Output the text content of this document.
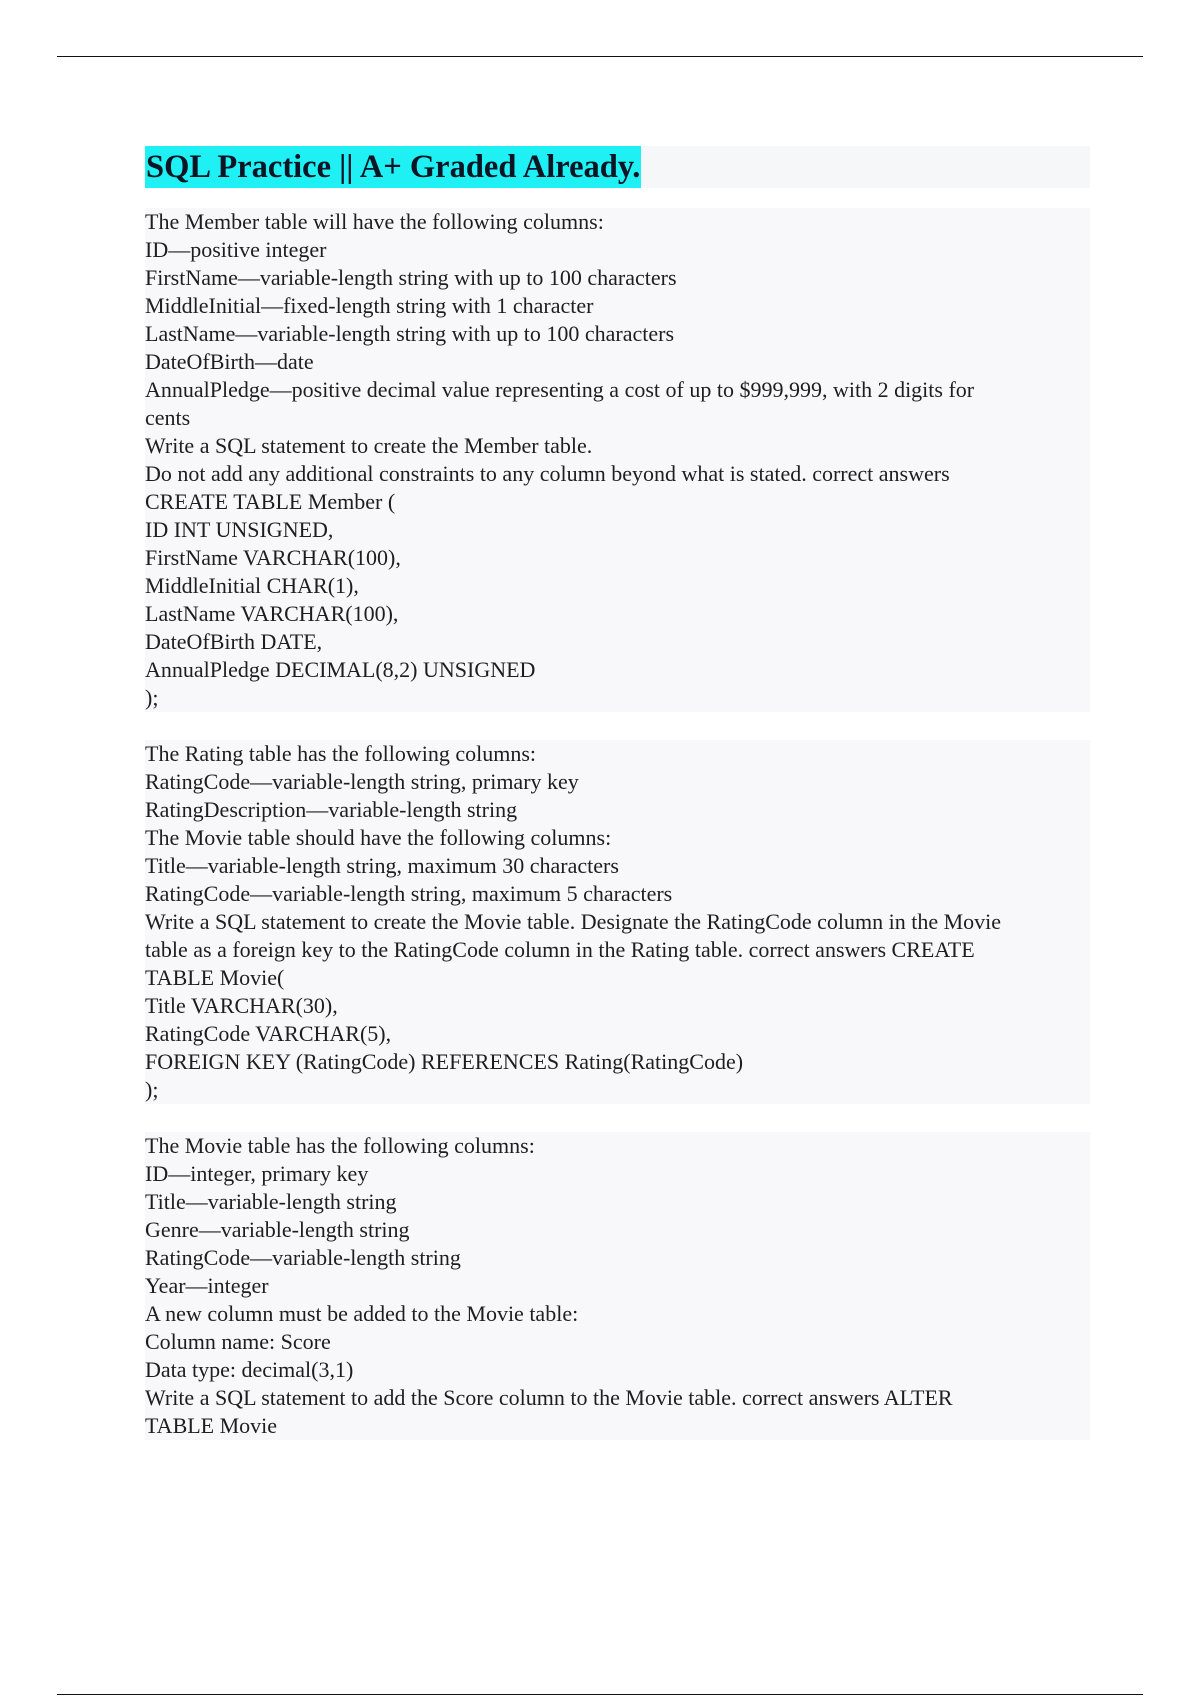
SQL Practice || A+ Graded Already.
The Member table will have the following columns:
ID—positive integer
FirstName—variable-length string with up to 100 characters
MiddleInitial—fixed-length string with 1 character
LastName—variable-length string with up to 100 characters
DateOfBirth—date
AnnualPledge—positive decimal value representing a cost of up to $999,999, with 2 digits for
cents
Write a SQL statement to create the Member table.
Do not add any additional constraints to any column beyond what is stated. correct answers
CREATE TABLE Member (
ID INT UNSIGNED,
FirstName VARCHAR(100),
MiddleInitial CHAR(1),
LastName VARCHAR(100),
DateOfBirth DATE,
AnnualPledge DECIMAL(8,2) UNSIGNED
);
The Rating table has the following columns:
RatingCode—variable-length string, primary key
RatingDescription—variable-length string
The Movie table should have the following columns:
Title—variable-length string, maximum 30 characters
RatingCode—variable-length string, maximum 5 characters
Write a SQL statement to create the Movie table. Designate the RatingCode column in the Movie
table as a foreign key to the RatingCode column in the Rating table. correct answers CREATE
TABLE Movie(
Title VARCHAR(30),
RatingCode VARCHAR(5),
FOREIGN KEY (RatingCode) REFERENCES Rating(RatingCode)
);
The Movie table has the following columns:
ID—integer, primary key
Title—variable-length string
Genre—variable-length string
RatingCode—variable-length string
Year—integer
A new column must be added to the Movie table:
Column name: Score
Data type: decimal(3,1)
Write a SQL statement to add the Score column to the Movie table. correct answers ALTER
TABLE Movie
